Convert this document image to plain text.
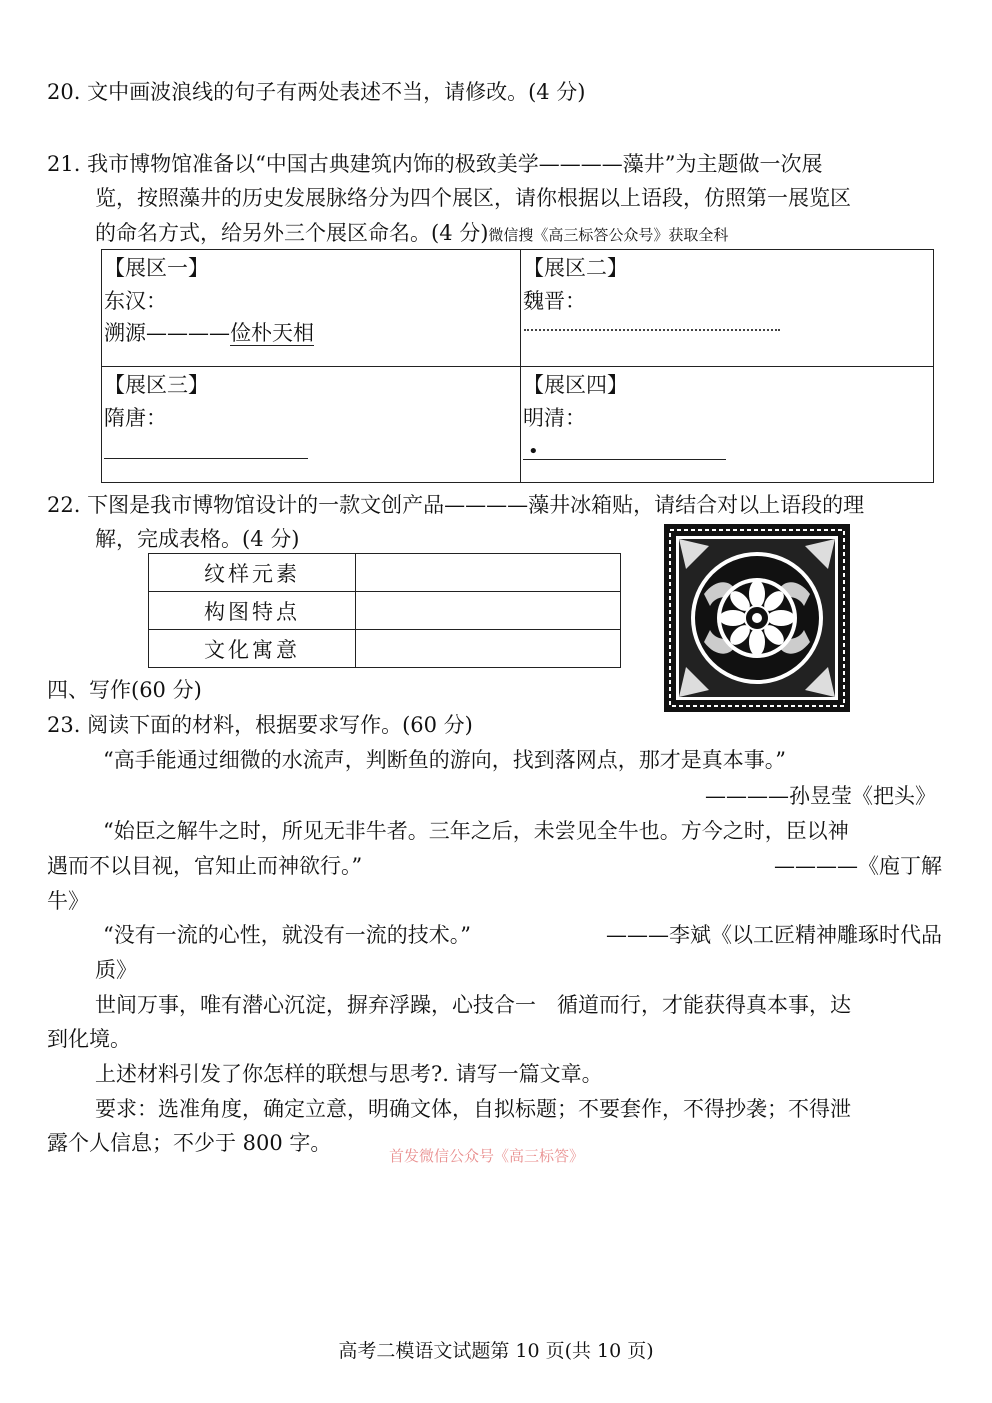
20. 文中画波浪线的句子有两处表述不当，请修改。(4 分)
21. 我市博物馆准备以“中国古典建筑内饰的极致美学————藻井”为主题做一次展
览，按照藻井的历史发展脉络分为四个展区，请你根据以上语段，仿照第一展览区
的命名方式，给另外三个展区命名。(4 分)微信搜《高三标答公众号》获取全科
【展区一】
东汉：
溯源————俭朴天相
【展区二】
魏晋：
【展区三】
隋唐：
【展区四】
明清：
•
22. 下图是我市博物馆设计的一款文创产品————藻井冰箱贴，请结合对以上语段的理
解，完成表格。(4 分)
纹样元素	
构图特点	
文化寓意	
四、写作(60 分)
23. 阅读下面的材料，根据要求写作。(60 分)
“高手能通过细微的水流声，判断鱼的游向，找到落网点，那才是真本事。”
————孙昱莹《把头》
“始臣之解牛之时，所见无非牛者。三年之后，未尝见全牛也。方今之时，臣以神
遇而不以目视，官知止而神欲行。”	————《庖丁解
牛》
“没有一流的心性，就没有一流的技术。”	———李斌《以工匠精神雕琢时代品
质》
世间万事，唯有潜心沉淀，摒弃浮躁，心技合一　循道而行，才能获得真本事，达
到化境。
上述材料引发了你怎样的联想与思考?. 请写一篇文章。
要求：选准角度，确定立意，明确文体，自拟标题；不要套作，不得抄袭；不得泄
露个人信息；不少于 800 字。
首发微信公众号《高三标答》
高考二模语文试题第 10 页(共 10 页)
